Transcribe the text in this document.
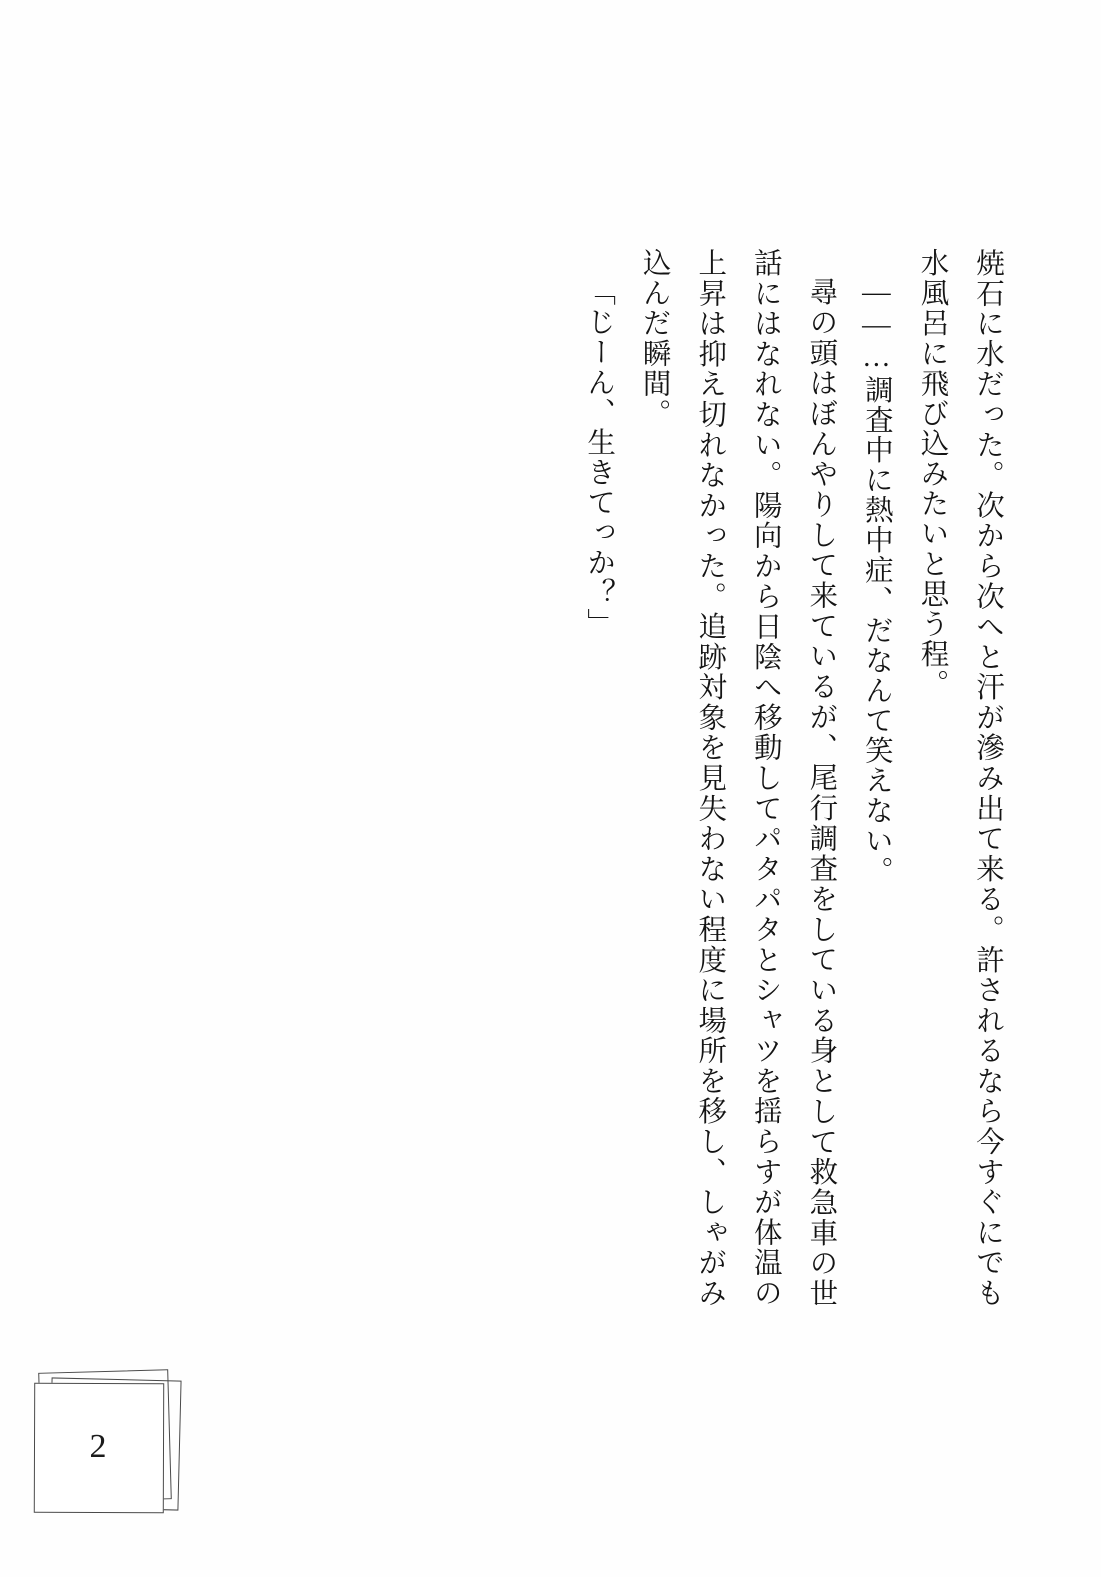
焼石に水だった。次から次へと汗が滲み出て来る。許されるなら今すぐにでも水風呂に飛び込みたいと思う程。

――…調査中に熱中症、だなんて笑えない。

尋の頭はぼんやりして来ているが、尾行調査をしている身として救急車の世話にはなれない。陽向から日陰へ移動してパタパタとシャツを揺らすが体温の上昇は抑え切れなかった。追跡対象を見失わない程度に場所を移し、しゃがみ込んだ瞬間。

「じーん、生きてっか？」

2
